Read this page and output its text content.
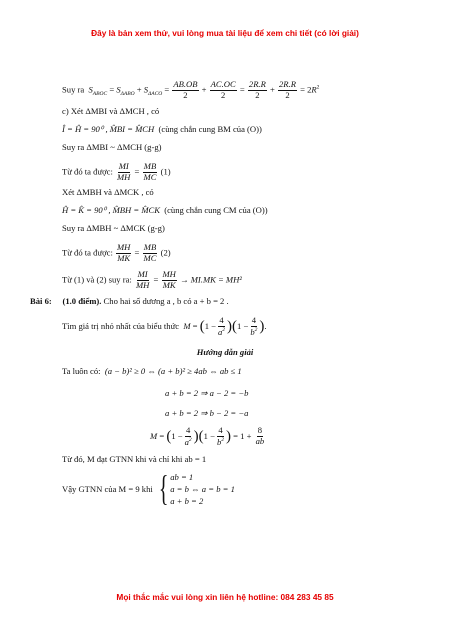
Đây là bản xem thử, vui lòng mua tài liệu để xem chi tiết (có lời giải)
Suy ra $S_{ABOC} = S_{\Delta ABO} + S_{\Delta ACO} = \frac{AB.OB}{2} + \frac{AC.OC}{2} = \frac{2R.R}{2} + \frac{2R.R}{2} = 2R^2$
c) Xét ΔMBI và ΔMCH , có
Î = Ĥ = 90⁰ , M̂BI = M̂CH (cùng chắn cung BM của (O))
Suy ra ΔMBI ~ ΔMCH (g-g)
Từ đó ta được: $\frac{MI}{MH} = \frac{MB}{MC} (1)$
Xét ΔMBH và ΔMCK , có
Ĥ = K̂ = 90⁰ , M̂BH = M̂CK (cùng chắn cung CM của (O))
Suy ra ΔMBH ~ ΔMCK (g-g)
Từ đó ta được: $\frac{MH}{MK} = \frac{MB}{MC} (2)$
Từ (1) và (2) suy ra: $\frac{MI}{MH} = \frac{MH}{MK} \to MI.MK = MH^2$
Bài 6: (1.0 điểm). Cho hai số dương a , b có a + b = 2 .
Tìm giá trị nhỏ nhất của biểu thức $M = (1 - \frac{4}{a^2} )(1 - \frac{4}{b^2}$ ).
Hướng dẫn giải
Ta luôn có: (a − b)² ≥ 0 ⇔ (a + b)² ≥ 4ab ⇔ ab ≤ 1
a + b = 2 ⇒ a − 2 = −b
a + b = 2 ⇒ b − 2 = −a
$M = (1 - \frac{4}{a^2} )(1 - \frac{4}{b^2}$ ) = $1 + \frac{8}{ab}$
Từ đó, M đạt GTNN khi và chỉ khi ab = 1
Vậy GTNN của M = 9 khi { ab = 1
a = b ⇔ a = b = 1
a + b = 2
Mọi thắc mắc vui lòng xin liên hệ hotline: 084 283 45 85
